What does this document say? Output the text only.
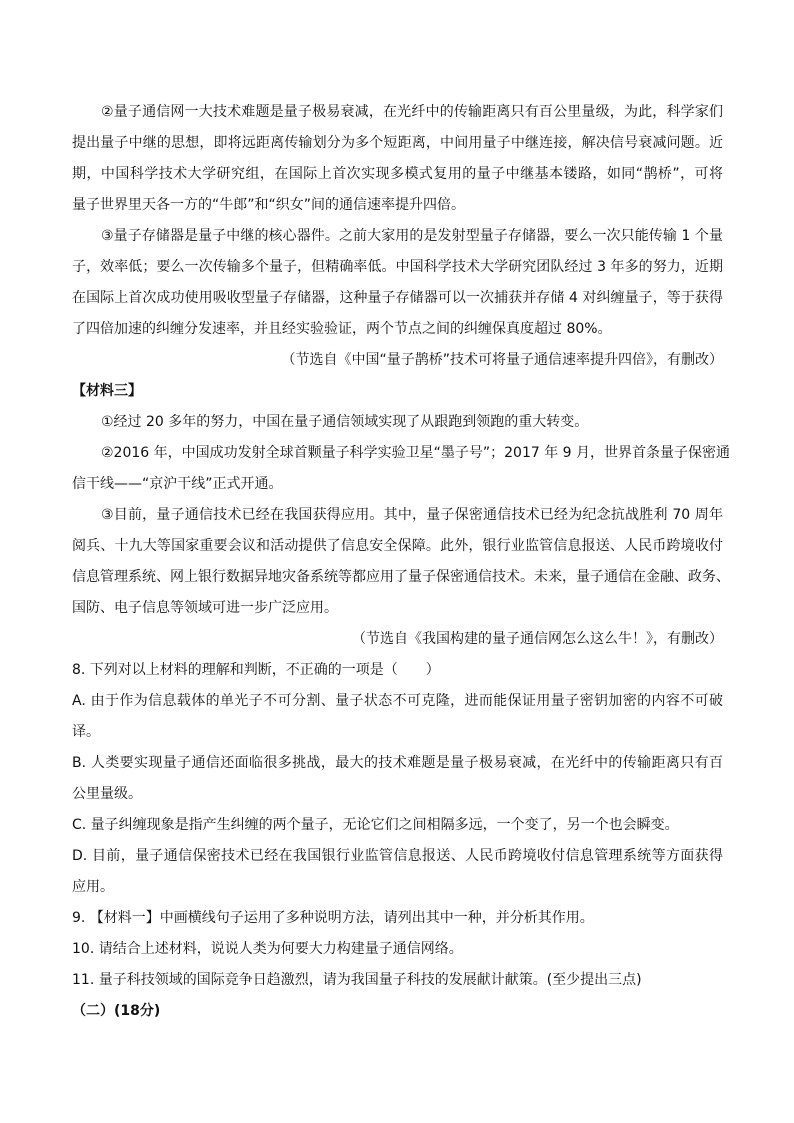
②量子通信网一大技术难题是量子极易衰减，在光纤中的传输距离只有百公里量级，为此，科学家们
提出量子中继的思想，即将远距离传输划分为多个短距离，中间用量子中继连接，解决信号衰减问题。近
期，中国科学技术大学研究组，在国际上首次实现多模式复用的量子中继基本镂路，如同“鹊桥”，可将
量子世界里天各一方的“牛郎”和“织女”间的通信速率提升四倍。
③量子存储器是量子中继的核心器件。之前大家用的是发射型量子存储器，要么一次只能传输 1 个量
子，效率低；要么一次传输多个量子，但精确率低。中国科学技术大学研究团队经过 3 年多的努力，近期
在国际上首次成功使用吸收型量子存储器，这种量子存储器可以一次捕获并存储 4 对纠缠量子，等于获得
了四倍加速的纠缠分发速率，并且经实验验证，两个节点之间的纠缠保真度超过 80%。
（节选自《中国“量子鹊桥”技术可将量子通信速率提升四倍》，有删改）
【材料三】
①经过 20 多年的努力，中国在量子通信领域实现了从跟跑到领跑的重大转变。
②2016 年，中国成功发射全球首颗量子科学实验卫星“墨子号”；2017 年 9 月，世界首条量子保密通
信干线——“京沪干线”正式开通。
③目前，量子通信技术已经在我国获得应用。其中，量子保密通信技术已经为纪念抗战胜利 70 周年
阅兵、十九大等国家重要会议和活动提供了信息安全保障。此外，银行业监管信息报送、人民币跨境收付
信息管理系统、网上银行数据异地灾备系统等都应用了量子保密通信技术。未来，量子通信在金融、政务、
国防、电子信息等领域可进一步广泛应用。
（节选自《我国构建的量子通信网怎么这么牛！》，有删改）
8. 下列对以上材料的理解和判断，不正确的一项是（　　）
A. 由于作为信息载体的单光子不可分割、量子状态不可克隆，进而能保证用量子密钥加密的内容不可破
译。
B. 人类要实现量子通信还面临很多挑战，最大的技术难题是量子极易衰减，在光纤中的传输距离只有百
公里量级。
C. 量子纠缠现象是指产生纠缠的两个量子，无论它们之间相隔多远，一个变了，另一个也会瞬变。
D. 目前，量子通信保密技术已经在我国银行业监管信息报送、人民币跨境收付信息管理系统等方面获得
应用。
9. 【材料一】中画横线句子运用了多种说明方法，请列出其中一种，并分析其作用。
10. 请结合上述材料，说说人类为何要大力构建量子通信网络。
11. 量子科技领域的国际竞争日趋激烈，请为我国量子科技的发展献计献策。(至少提出三点)
（二）(18分)
